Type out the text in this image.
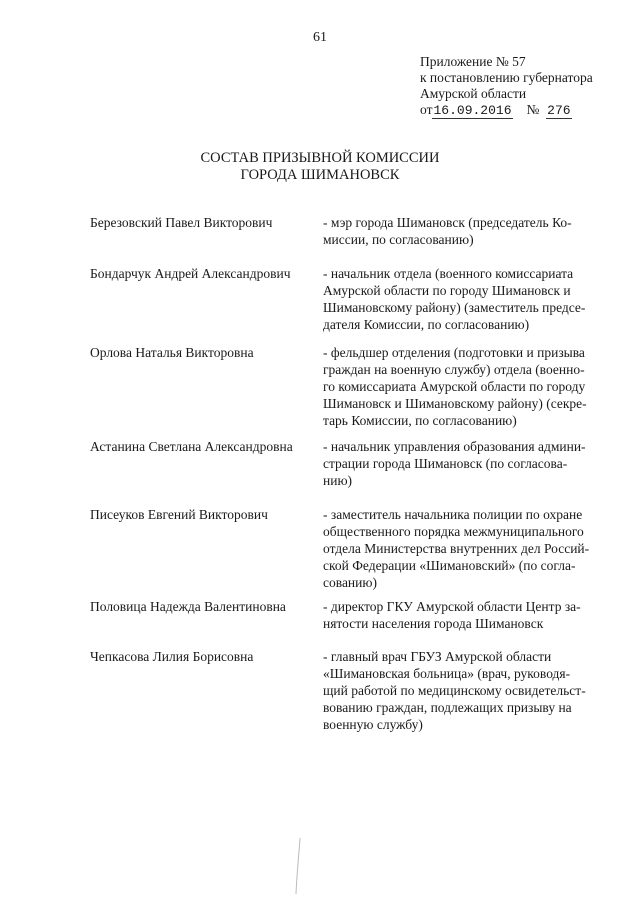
61
Приложение № 57
к постановлению губернатора
Амурской области
от16.09.2016 № 276
СОСТАВ ПРИЗЫВНОЙ КОМИССИИ
ГОРОДА ШИМАНОВСК
Березовский Павел Викторович	- мэр города Шимановск (председатель Ко-
миссии, по согласованию)
Бондарчук Андрей Александрович	- начальник отдела (военного комиссариата
Амурской области по городу Шимановск и
Шимановскому району) (заместитель предсе-
дателя Комиссии, по согласованию)
Орлова Наталья Викторовна	- фельдшер отделения (подготовки и призыва
граждан на военную службу) отдела (военно-
го комиссариата Амурской области по городу
Шимановск и Шимановскому району) (секре-
тарь Комиссии, по согласованию)
Астанина Светлана Александровна	- начальник управления образования админи-
страции города Шимановск (по согласова-
нию)
Писеуков Евгений Викторович	- заместитель начальника полиции по охране
общественного порядка межмуниципального
отдела Министерства внутренних дел Россий-
ской Федерации «Шимановский» (по согла-
сованию)
Половица Надежда Валентиновна	- директор ГКУ Амурской области Центр за-
нятости населения города Шимановск
Чепкасова Лилия Борисовна	- главный врач ГБУЗ Амурской области
«Шимановская больница» (врач, руководя-
щий работой по медицинскому освидетельст-
вованию граждан, подлежащих призыву на
военную службу)
